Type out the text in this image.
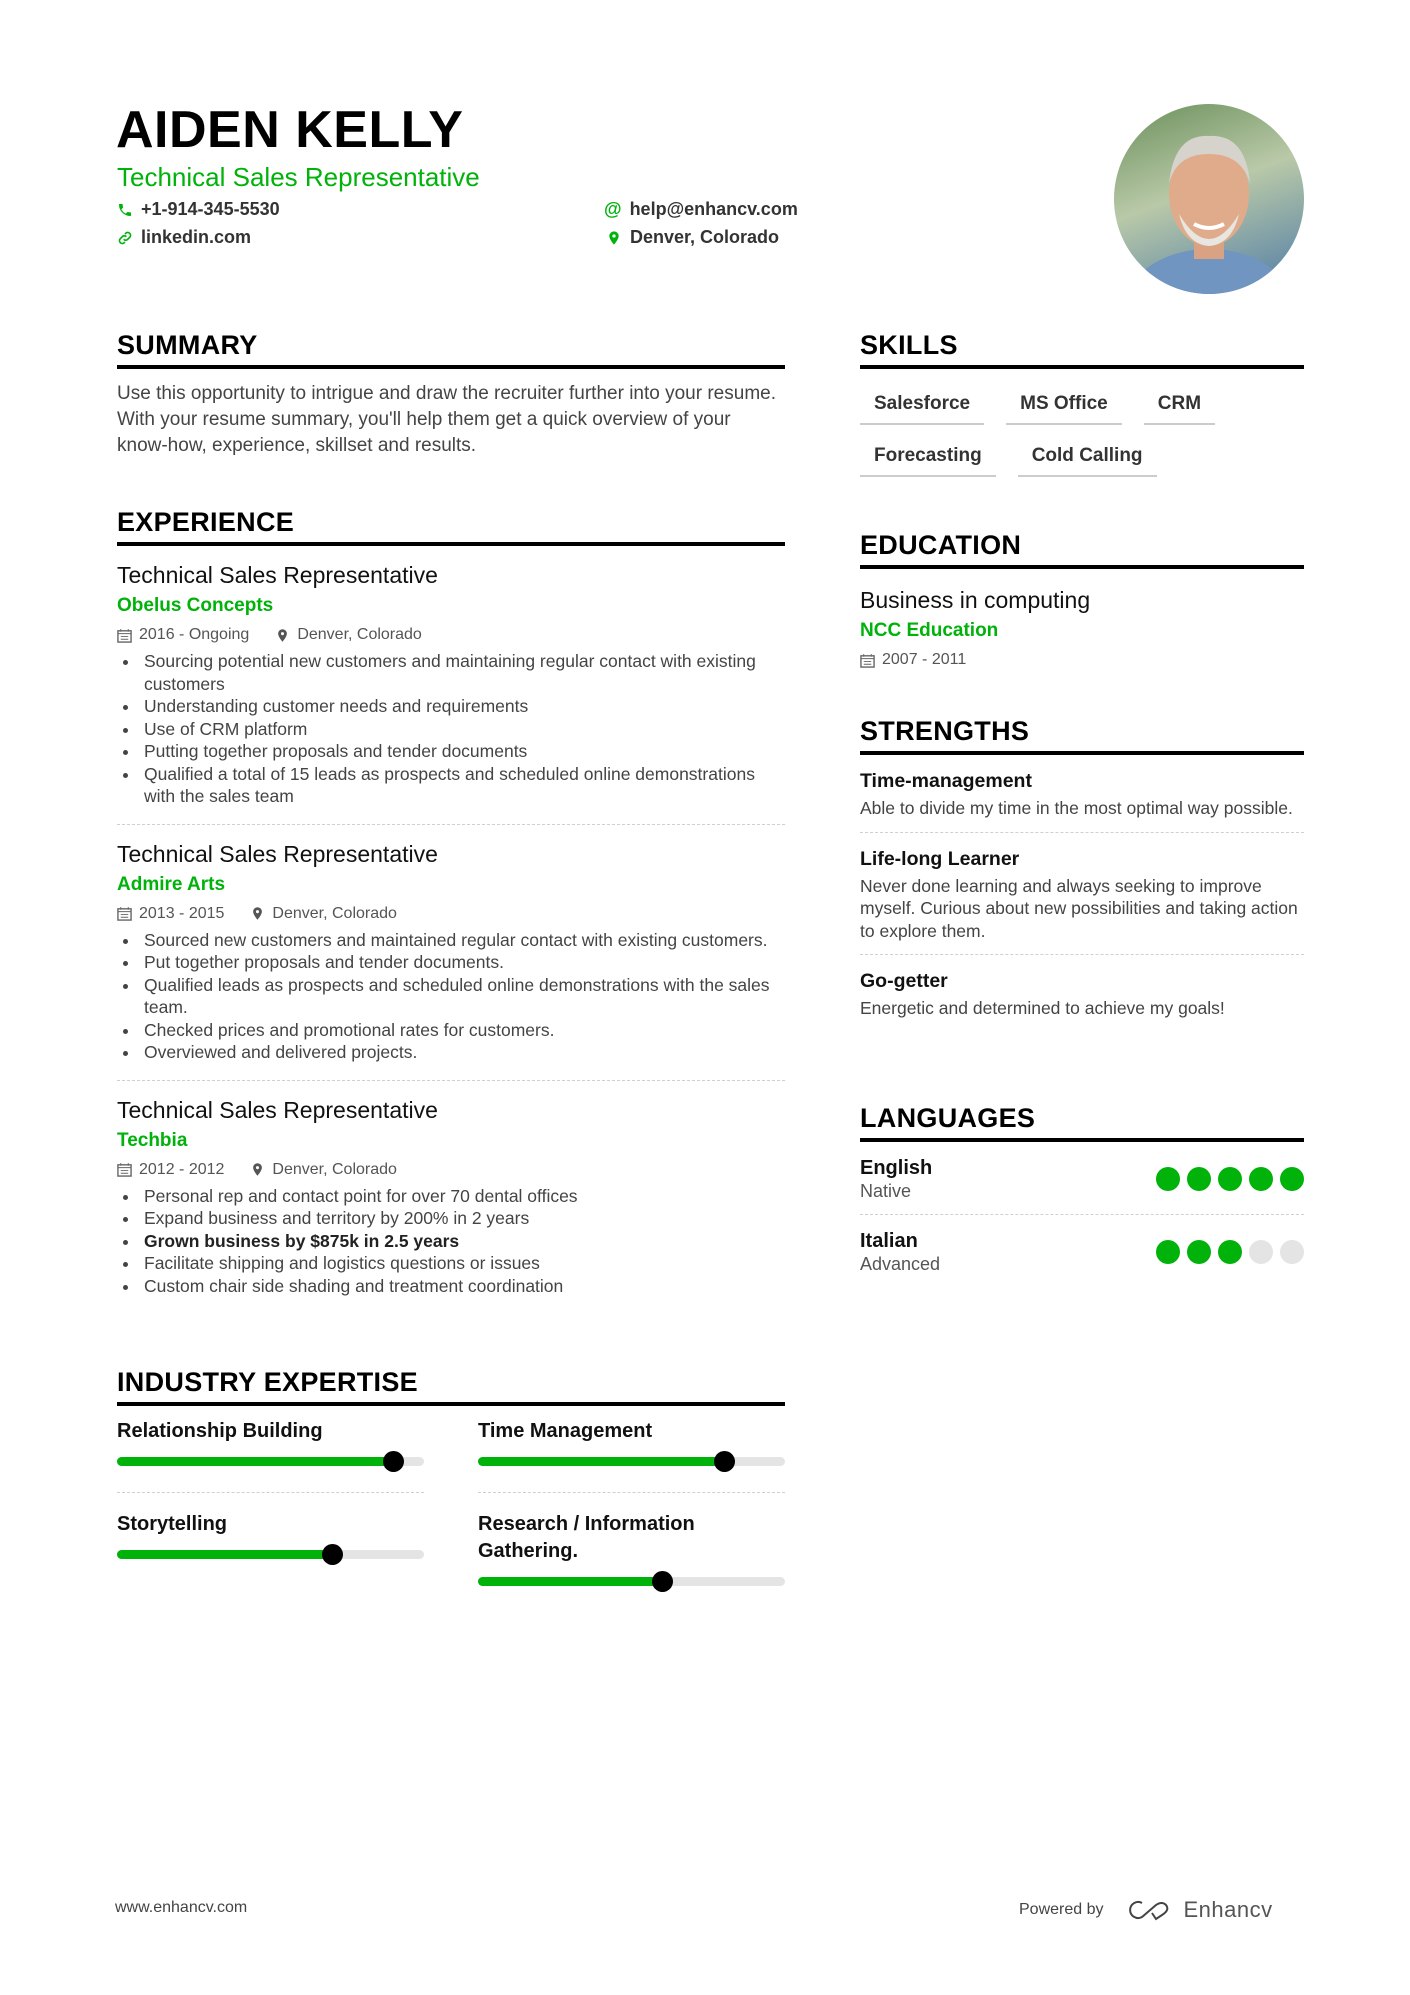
AIDEN KELLY
Technical Sales Representative
+1-914-345-5530
linkedin.com
@ help@enhancv.com
Denver, Colorado
SUMMARY

Use this opportunity to intrigue and draw the recruiter further into your resume. With your resume summary, you'll help them get a quick overview of your know-how, experience, skillset and results.

EXPERIENCE
Technical Sales Representative
Obelus Concepts
2016 - Ongoing	Denver, Colorado
Sourcing potential new customers and maintaining regular contact with existing customers
Understanding customer needs and requirements
Use of CRM platform
Putting together proposals and tender documents
Qualified a total of 15 leads as prospects and scheduled online demonstrations with the sales team
Technical Sales Representative
Admire Arts
2013 - 2015	Denver, Colorado
Sourced new customers and maintained regular contact with existing customers.
Put together proposals and tender documents.
Qualified leads as prospects and scheduled online demonstrations with the sales team.
Checked prices and promotional rates for customers.
Overviewed and delivered projects.
Technical Sales Representative
Techbia
2012 - 2012	Denver, Colorado
Personal rep and contact point for over 70 dental offices
Expand business and territory by 200% in 2 years
Grown business by $875k in 2.5 years
Facilitate shipping and logistics questions or issues
Custom chair side shading and treatment coordination
INDUSTRY EXPERTISE
Relationship Building	Time Management
Storytelling	Research / Information Gathering.
SKILLS
Salesforce	MS Office	CRM
Forecasting	Cold Calling
EDUCATION
Business in computing
NCC Education
2007 - 2011
STRENGTHS
Time-management
Able to divide my time in the most optimal way possible.
Life-long Learner
Never done learning and always seeking to improve myself. Curious about new possibilities and taking action to explore them.
Go-getter
Energetic and determined to achieve my goals!
LANGUAGES
English
Native
Italian
Advanced
www.enhancv.com	Powered by	Enhancv
